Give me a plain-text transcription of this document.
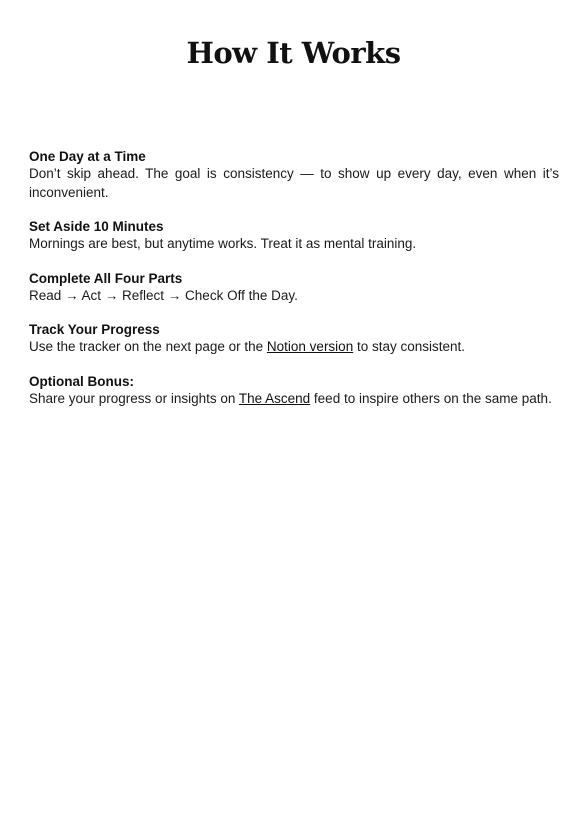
How It Works
One Day at a Time

Don’t skip ahead. The goal is consistency — to show up every day, even when it’s inconvenient.

Set Aside 10 Minutes

Mornings are best, but anytime works. Treat it as mental training.

Complete All Four Parts

Read → Act → Reflect → Check Off the Day.

Track Your Progress

Use the tracker on the next page or the Notion version to stay consistent.

Optional Bonus:

Share your progress or insights on The Ascend feed to inspire others on the same path.
